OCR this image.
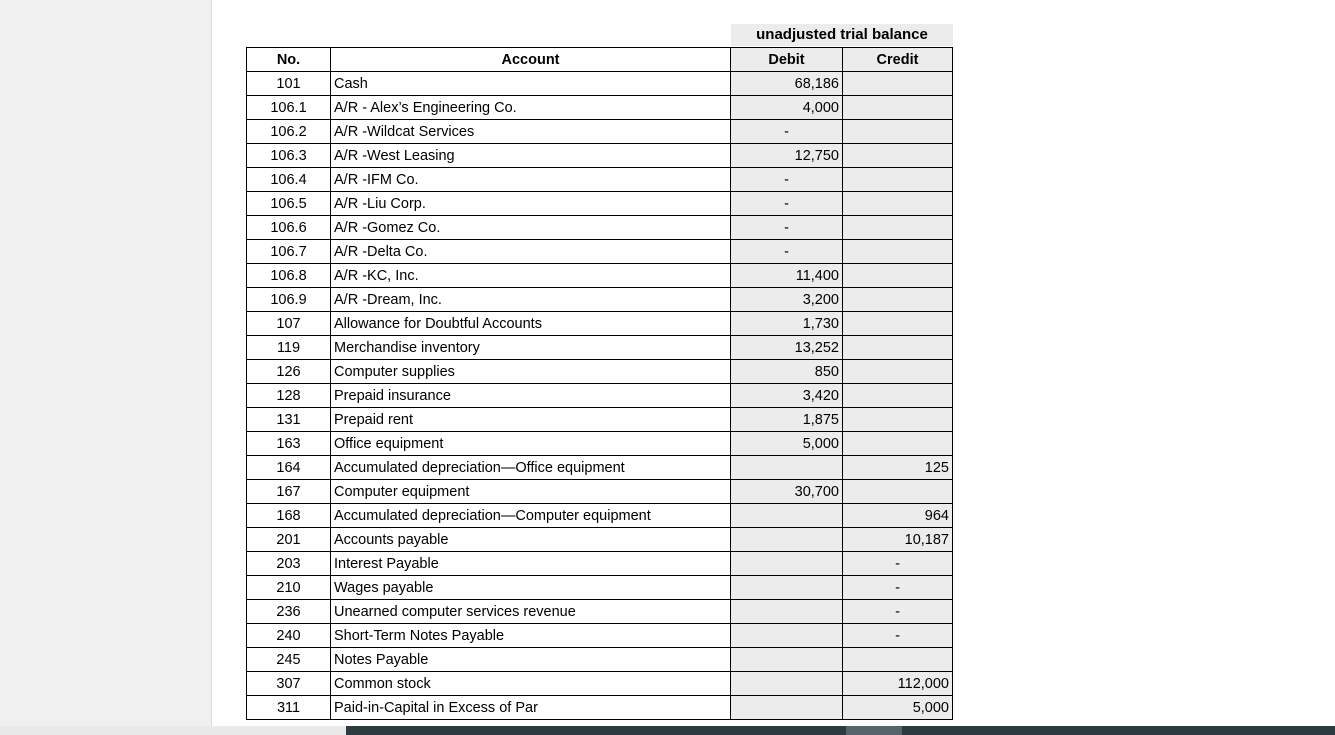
unadjusted trial balance
No.	Account	Debit	Credit
101	Cash	68,186	
106.1	A/R - Alex’s Engineering Co.	4,000	
106.2	A/R -Wildcat Services	-	
106.3	A/R -West Leasing	12,750	
106.4	A/R -IFM Co.	-	
106.5	A/R -Liu Corp.	-	
106.6	A/R -Gomez Co.	-	
106.7	A/R -Delta Co.	-	
106.8	A/R -KC, Inc.	11,400	
106.9	A/R -Dream, Inc.	3,200	
107	Allowance for Doubtful Accounts	1,730	
119	Merchandise inventory	13,252	
126	Computer supplies	850	
128	Prepaid insurance	3,420	
131	Prepaid rent	1,875	
163	Office equipment	5,000	
164	Accumulated depreciation—Office equipment		125
167	Computer equipment	30,700	
168	Accumulated depreciation—Computer equipment		964
201	Accounts payable		10,187
203	Interest Payable		-
210	Wages payable		-
236	Unearned computer services revenue		-
240	Short-Term Notes Payable		-
245	Notes Payable		
307	Common stock		112,000
311	Paid-in-Capital in Excess of Par		5,000
